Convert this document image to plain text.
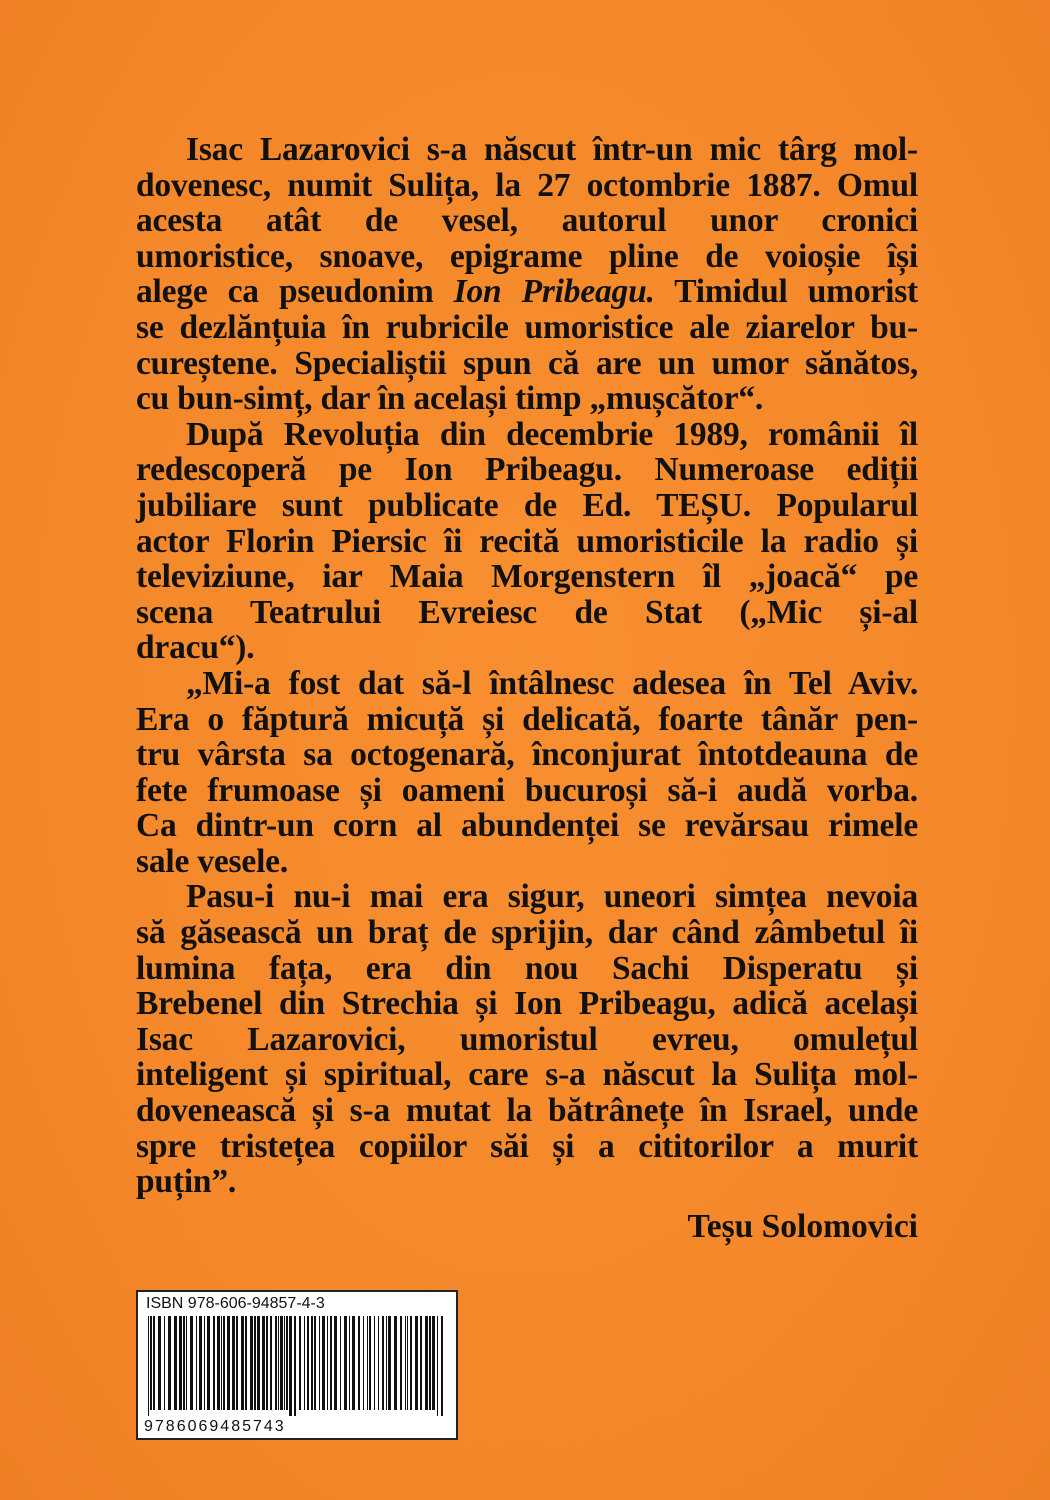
Isac Lazarovici s-a născut într-un mic târg mol-
dovenesc, numit Sulița, la 27 octombrie 1887. Omul
acesta atât de vesel, autorul unor cronici
umoristice, snoave, epigrame pline de voioșie își
alege ca pseudonim Ion Pribeagu. Timidul umorist
se dezlănțuia în rubricile umoristice ale ziarelor bu-
cureștene. Specialiștii spun că are un umor sănătos,
cu bun-simț, dar în același timp „mușcător“.
După Revoluția din decembrie 1989, românii îl
redescoperă pe Ion Pribeagu. Numeroase ediții
jubiliare sunt publicate de Ed. TEȘU. Popularul
actor Florin Piersic îi recită umoristicile la radio și
televiziune, iar Maia Morgenstern îl „joacă“ pe
scena Teatrului Evreiesc de Stat („Mic și-al
dracu“).
„Mi-a fost dat să-l întâlnesc adesea în Tel Aviv.
Era o făptură micuță și delicată, foarte tânăr pen-
tru vârsta sa octogenară, înconjurat întotdeauna de
fete frumoase și oameni bucuroși să-i audă vorba.
Ca dintr-un corn al abundenței se revărsau rimele
sale vesele.
Pasu-i nu-i mai era sigur, uneori simțea nevoia
să găsească un braț de sprijin, dar când zâmbetul îi
lumina fața, era din nou Sachi Disperatu și
Brebenel din Strechia și Ion Pribeagu, adică același
Isac Lazarovici, umoristul evreu, omulețul
inteligent și spiritual, care s-a născut la Sulița mol-
dovenească și s-a mutat la bătrânețe în Israel, unde
spre tristețea copiilor săi și a cititorilor a murit
puțin”.
Teșu Solomovici
ISBN 978-606-94857-4-3
9786069485743
